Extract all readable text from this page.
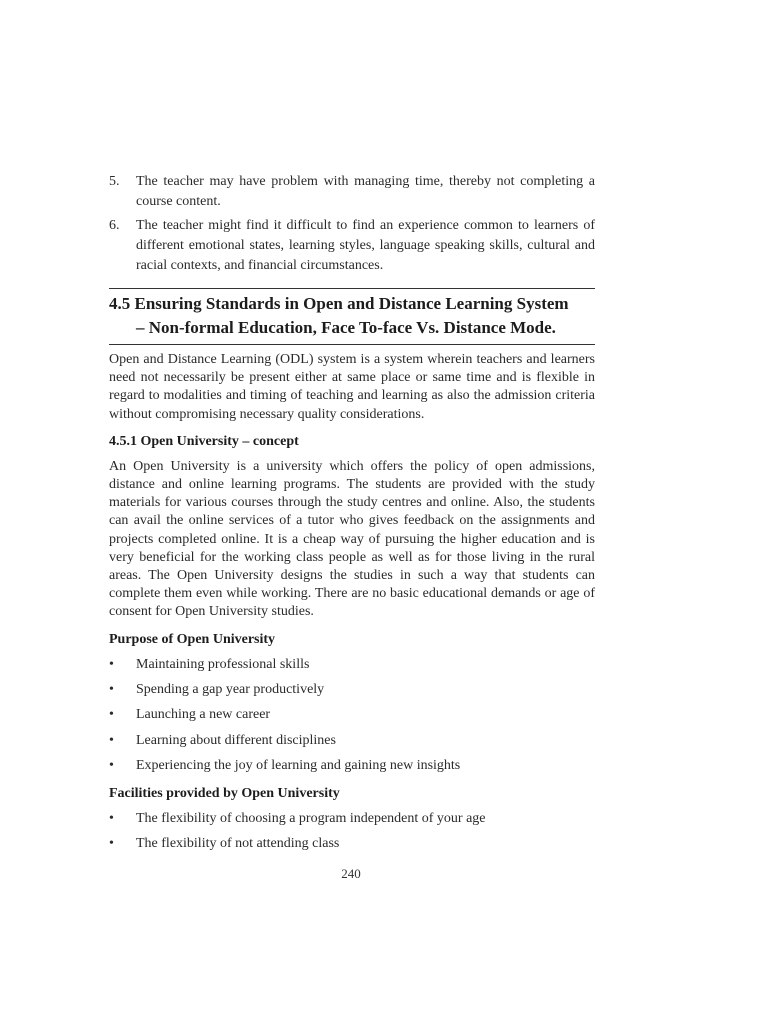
5.	The teacher may have problem with managing time, thereby not completing a course content.
6.	The teacher might find it difficult to find an experience common to learners of different emotional states, learning styles, language speaking skills, cultural and racial contexts, and financial circumstances.
4.5 Ensuring Standards in Open and Distance Learning System
– Non-formal Education, Face To-face Vs. Distance Mode.

Open and Distance Learning (ODL) system is a system wherein teachers and learners need not necessarily be present either at same place or same time and is flexible in regard to modalities and timing of teaching and learning as also the admission criteria without compromising necessary quality considerations.

4.5.1 Open University – concept

An Open University is a university which offers the policy of open admissions, distance and online learning programs. The students are provided with the study materials for various courses through the study centres and online. Also, the students can avail the online services of a tutor who gives feedback on the assignments and projects completed online. It is a cheap way of pursuing the higher education and is very beneficial for the working class people as well as for those living in the rural areas. The Open University designs the studies in such a way that students can complete them even while working. There are no basic educational demands or age of consent for Open University studies.

Purpose of Open University
•	Maintaining professional skills
•	Spending a gap year productively
•	Launching a new career
•	Learning about different disciplines
•	Experiencing the joy of learning and gaining new insights
Facilities provided by Open University
•	The flexibility of choosing a program independent of your age
•	The flexibility of not attending class
240
